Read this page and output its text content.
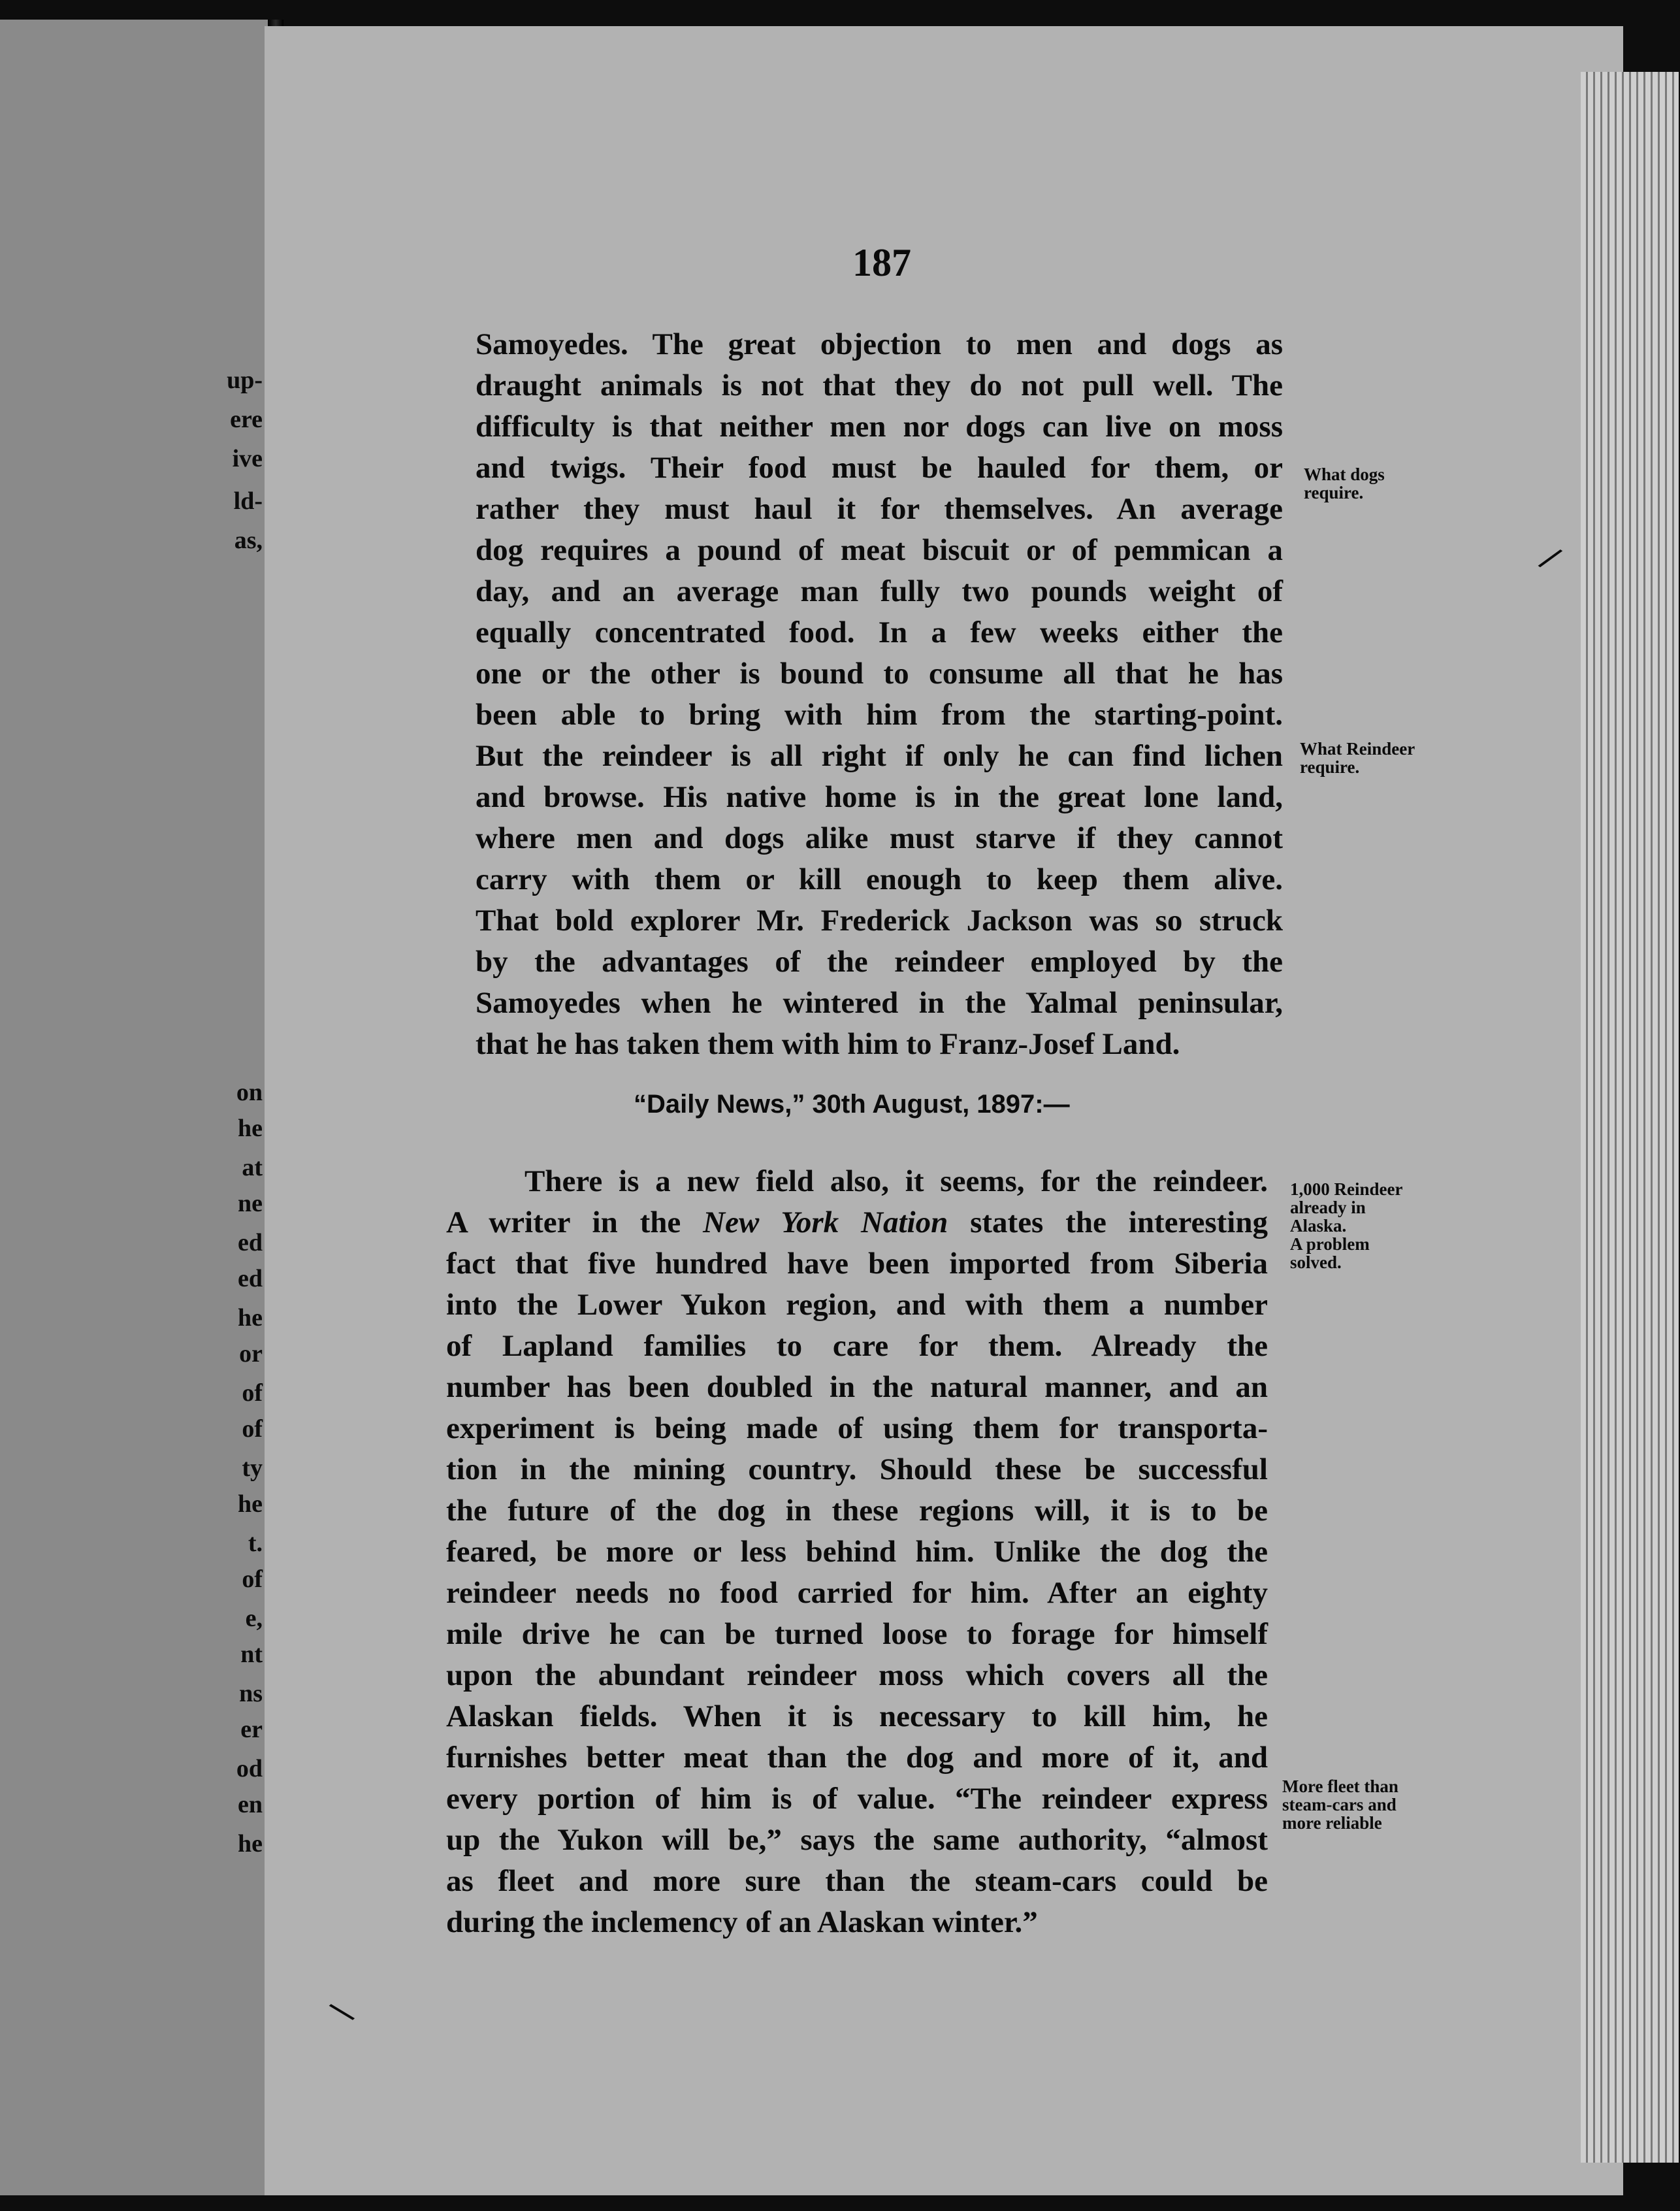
up-
ere
ive
ld-
as,
on
he
at
ne
ed
ed
he
or
of
of
ty
he
t.
of
e,
nt
ns
er
od
en
he
187
Samoyedes. The great objection to men and dogs as
draught animals is not that they do not pull well. The
difficulty is that neither men nor dogs can live on moss
and twigs. Their food must be hauled for them, or
rather they must haul it for themselves. An average
dog requires a pound of meat biscuit or of pemmican a
day, and an average man fully two pounds weight of
equally concentrated food. In a few weeks either the
one or the other is bound to consume all that he has
been able to bring with him from the starting-point.
But the reindeer is all right if only he can find lichen
and browse. His native home is in the great lone land,
where men and dogs alike must starve if they cannot
carry with them or kill enough to keep them alive.
That bold explorer Mr. Frederick Jackson was so struck
by the advantages of the reindeer employed by the
Samoyedes when he wintered in the Yalmal peninsular,
that he has taken them with him to Franz-Josef Land.
“Daily News,” 30th August, 1897:—
There is a new field also, it seems, for the reindeer.
A writer in the New York Nation states the interesting
fact that five hundred have been imported from Siberia
into the Lower Yukon region, and with them a number
of Lapland families to care for them. Already the
number has been doubled in the natural manner, and an
experiment is being made of using them for transporta-
tion in the mining country. Should these be successful
the future of the dog in these regions will, it is to be
feared, be more or less behind him. Unlike the dog the
reindeer needs no food carried for him. After an eighty
mile drive he can be turned loose to forage for himself
upon the abundant reindeer moss which covers all the
Alaskan fields. When it is necessary to kill him, he
furnishes better meat than the dog and more of it, and
every portion of him is of value. “The reindeer express
up the Yukon will be,” says the same authority, “almost
as fleet and more sure than the steam-cars could be
during the inclemency of an Alaskan winter.”
What dogs
require.
What Reindeer
require.
1,000 Reindeer
already in
Alaska.
A problem
solved.
More fleet than
steam-cars and
more reliable
/
\
